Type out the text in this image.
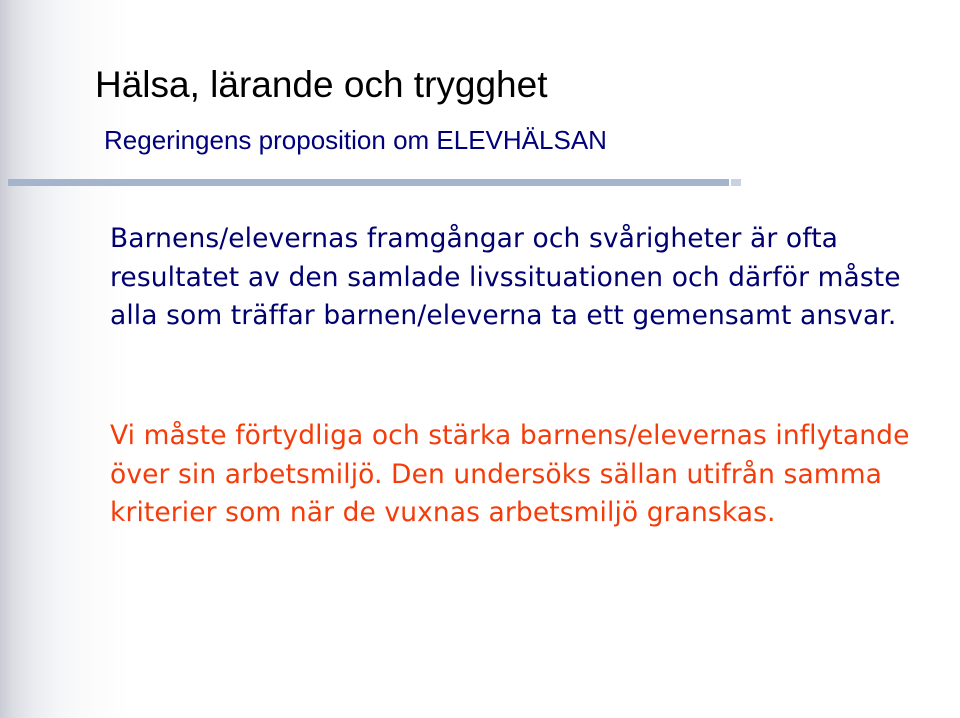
Hälsa, lärande och trygghet
Regeringens proposition om ELEVHÄLSAN

Barnens/elevernas framgångar och svårigheter är ofta resultatet av den samlade livssituationen och därför måste alla som träffar barnen/eleverna ta ett gemensamt ansvar.

Vi måste förtydliga och stärka barnens/elevernas inflytande över sin arbetsmiljö. Den undersöks sällan utifrån samma kriterier som när de vuxnas arbetsmiljö granskas.
